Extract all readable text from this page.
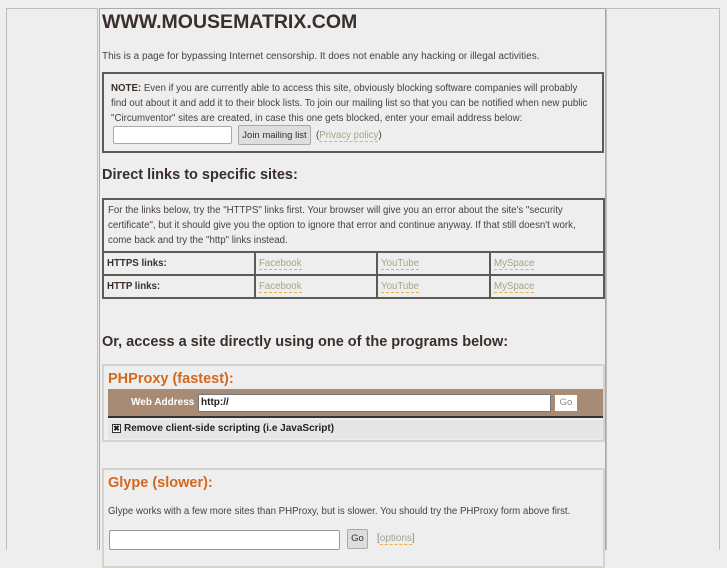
WWW.MOUSEMATRIX.COM
This is a page for bypassing Internet censorship. It does not enable any hacking or illegal activities.
NOTE: Even if you are currently able to access this site, obviously blocking software companies will probably find out about it and add it to their block lists. To join our mailing list so that you can be notified when new public "Circumventor" sites are created, in case this one gets blocked, enter your email address below:
Join mailing list (Privacy policy)
Direct links to specific sites:
For the links below, try the "HTTPS" links first. Your browser will give you an error about the site's "security certificate", but it should give you the option to ignore that error and continue anyway. If that still doesn't work, come back and try the "http" links instead.			
HTTPS links:	Facebook	YouTube	MySpace
HTTP links:	Facebook	YouTube	MySpace
Or, access a site directly using one of the programs below:
PHProxy (fastest):
Web Address http://	Go
✖ Remove client-side scripting (i.e JavaScript)
Glype (slower):
Glype works with a few more sites than PHProxy, but is slower. You should try the PHProxy form above first.
Go	[options]
